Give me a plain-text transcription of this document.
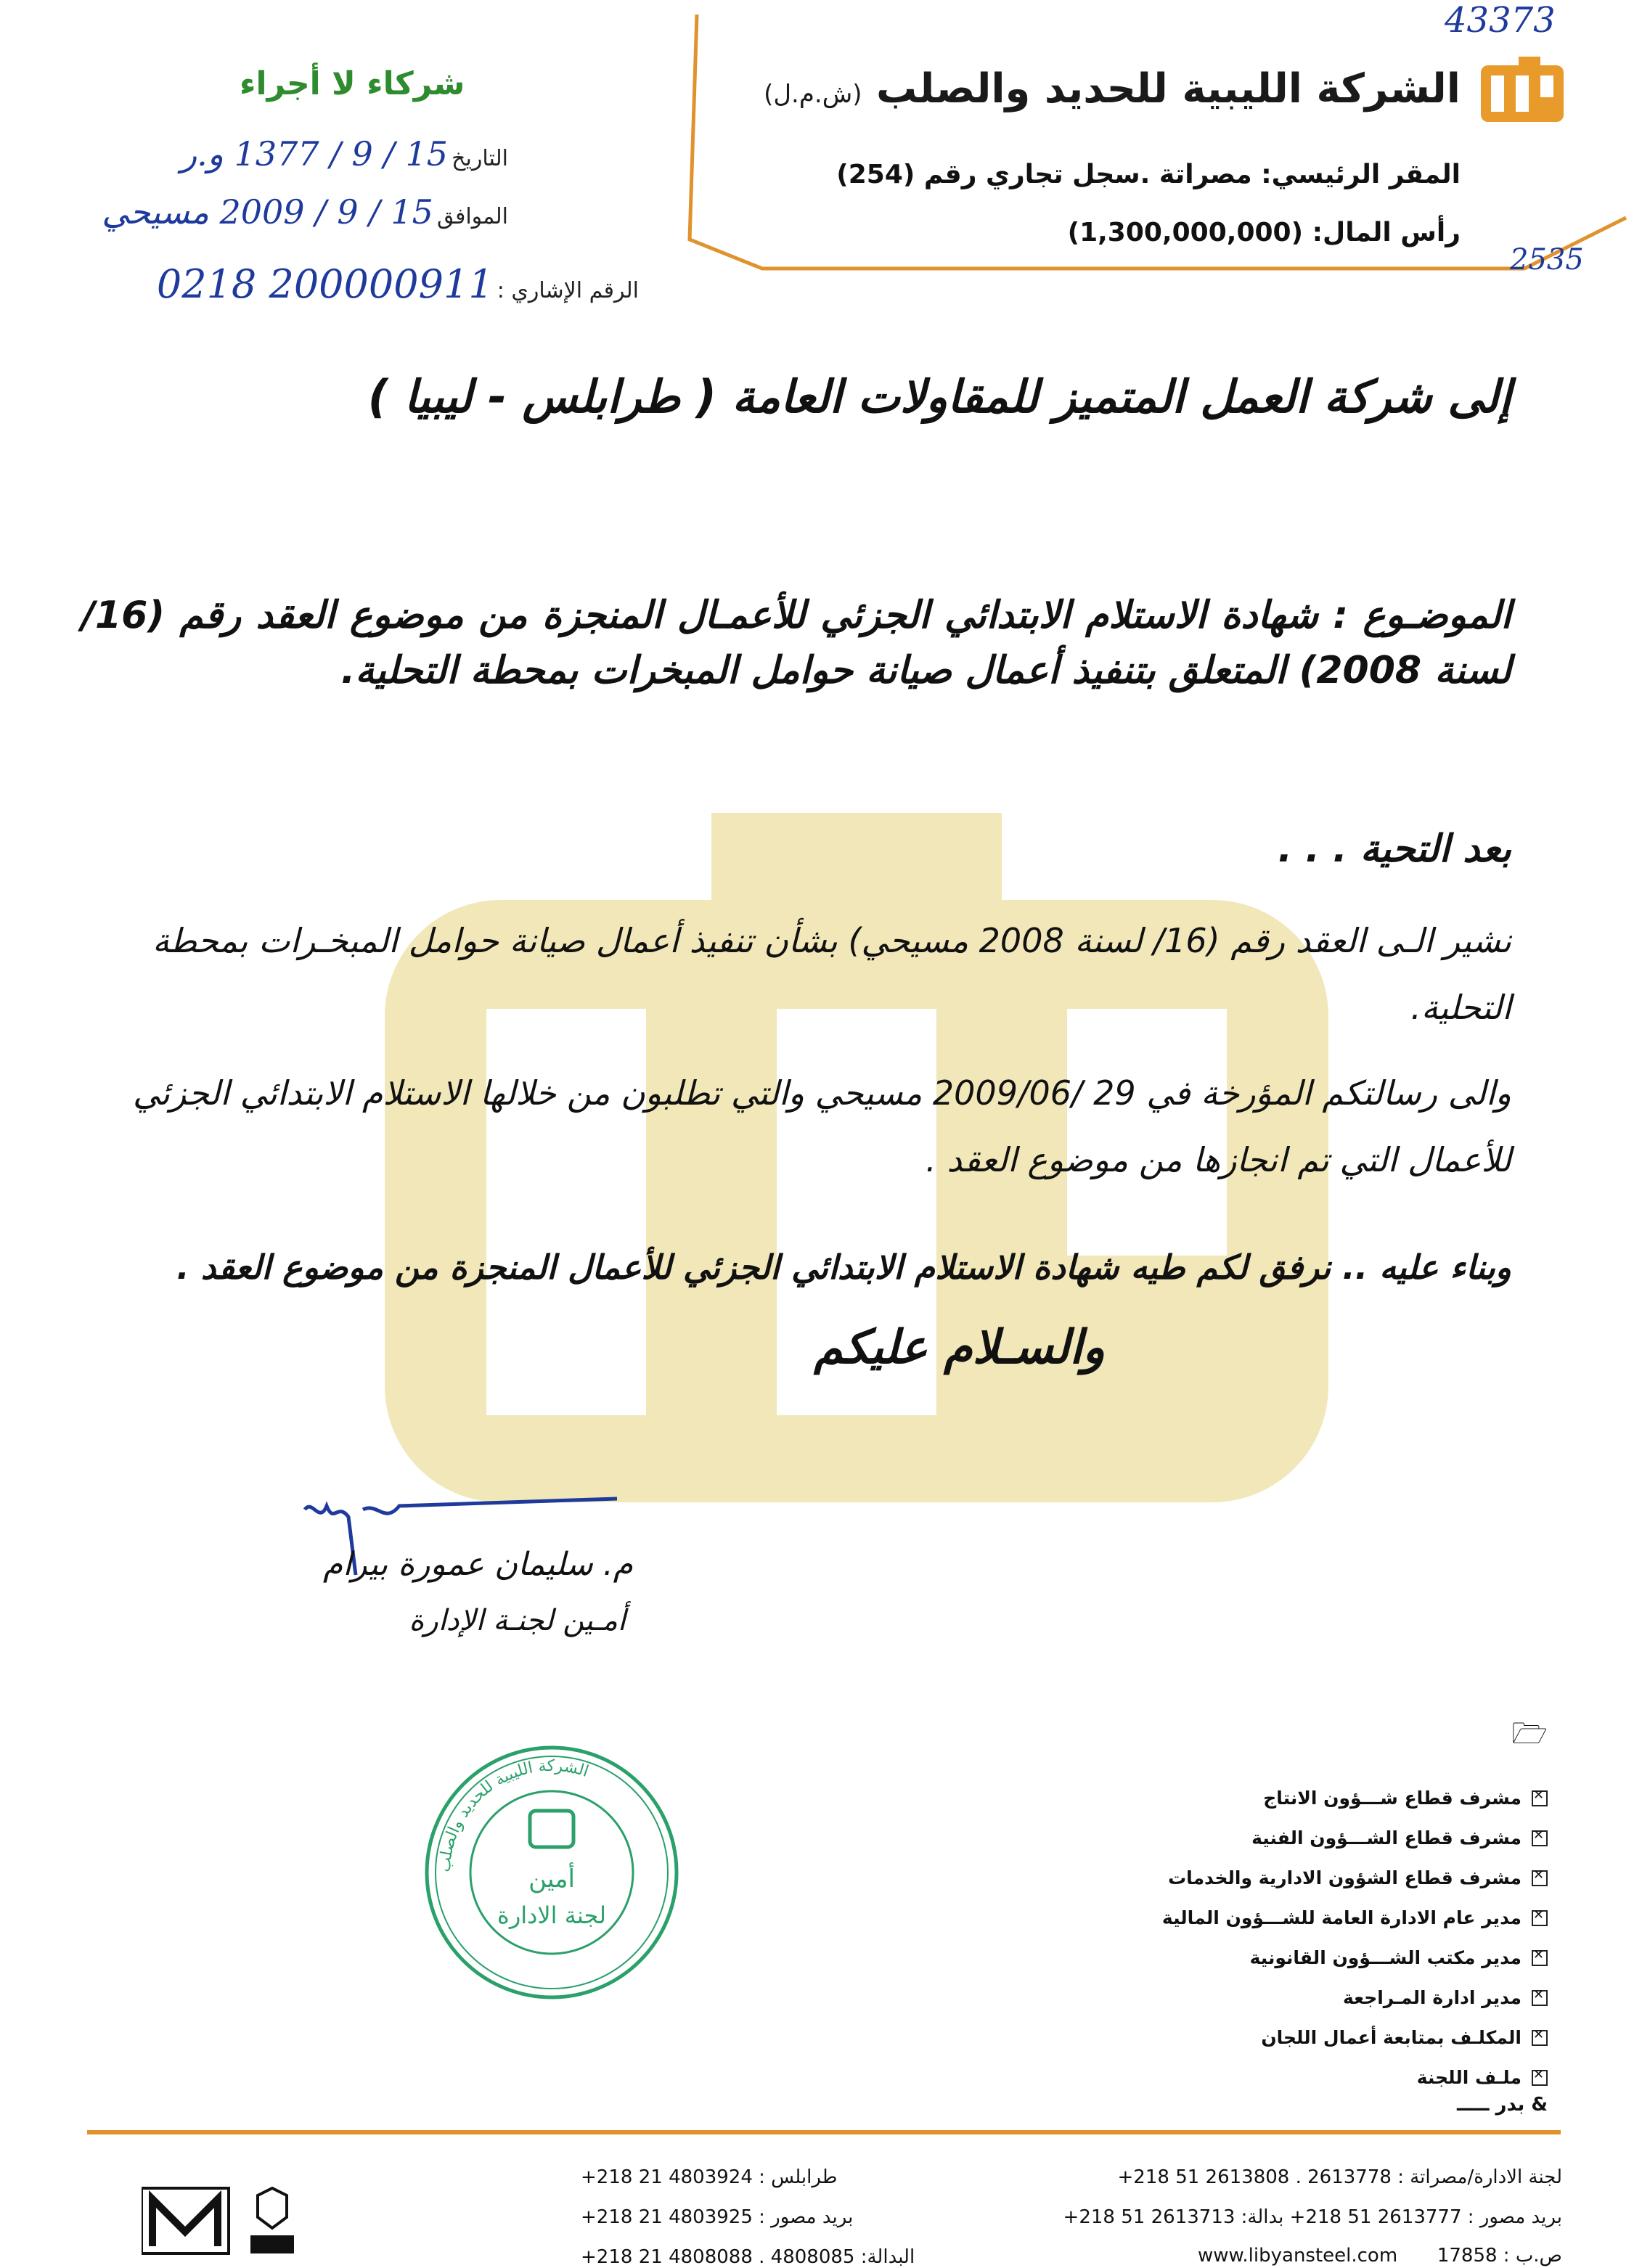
الشركة الليبية للحديد والصلب (ش.م.ل)
المقر الرئيسي: مصراتة .سجل تجاري رقم (254)
رأس المال: (1,300,000,000)
شركاء لا أجراء
التاريخ 15 / 9 / 1377 و.ر
الموافق 15 / 9 / 2009 مسيحي
الرقم الإشاري : 200000911 0218
43373
2535
إلى شركة العمل المتميز للمقاولات العامة ( طرابلس - ليبيا )
الموضـوع : شهادة الاستلام الابتدائي الجزئي للأعمـال المنجزة من موضوع العقد رقم (16/ لسنة 2008) المتعلق بتنفيذ أعمال صيانة حوامل المبخرات بمحطة التحلية.
بعد التحية . . .
نشير الـى العقد رقم (16/ لسنة 2008 مسيحي) بشأن تنفيذ أعمال صيانة حوامل المبخـرات بمحطة التحلية.
والى رسالتكم المؤرخة في 29 /2009/06 مسيحي والتي تطلبون من خلالها الاستلام الابتدائي الجزئي للأعمال التي تم انجازها من موضوع العقد .
وبناء عليه .. نرفق لكم طيه شهادة الاستلام الابتدائي الجزئي للأعمال المنجزة من موضوع العقد .
والسـلام عليكم
م. سليمان عمورة بيرام
أمـين لجنـة الإدارة
الشركة الليبية للحديد والصلب
أمين
لجنة الادارة
🗁
✕
مشرف قطاع شـــؤون الانتاج
✕
مشرف قطاع الشـــؤون الفنية
✕
مشرف قطاع الشؤون الادارية والخدمات
✕
مدير عام الادارة العامة للشـــؤون المالية
✕
مدير مكتب الشـــؤون القانونية
✕
مدير ادارة المـراجعة
✕
المكلـف بمتابعة أعمال اللجان
✕
ملـف اللجنة
& بدر ـــــ
طرابلس : 4803924 21 218+
بريد مصور : 4803925 21 218+
البدالة: 4808085 . 4808088 21 218+
لجنة الادارة/مصراتة : 2613778 . 2613808 51 218+
بريد مصور : 2613777 51 218+ بدالة: 2613713 51 218+
ص.ب : 17858
www.libyansteel.com
